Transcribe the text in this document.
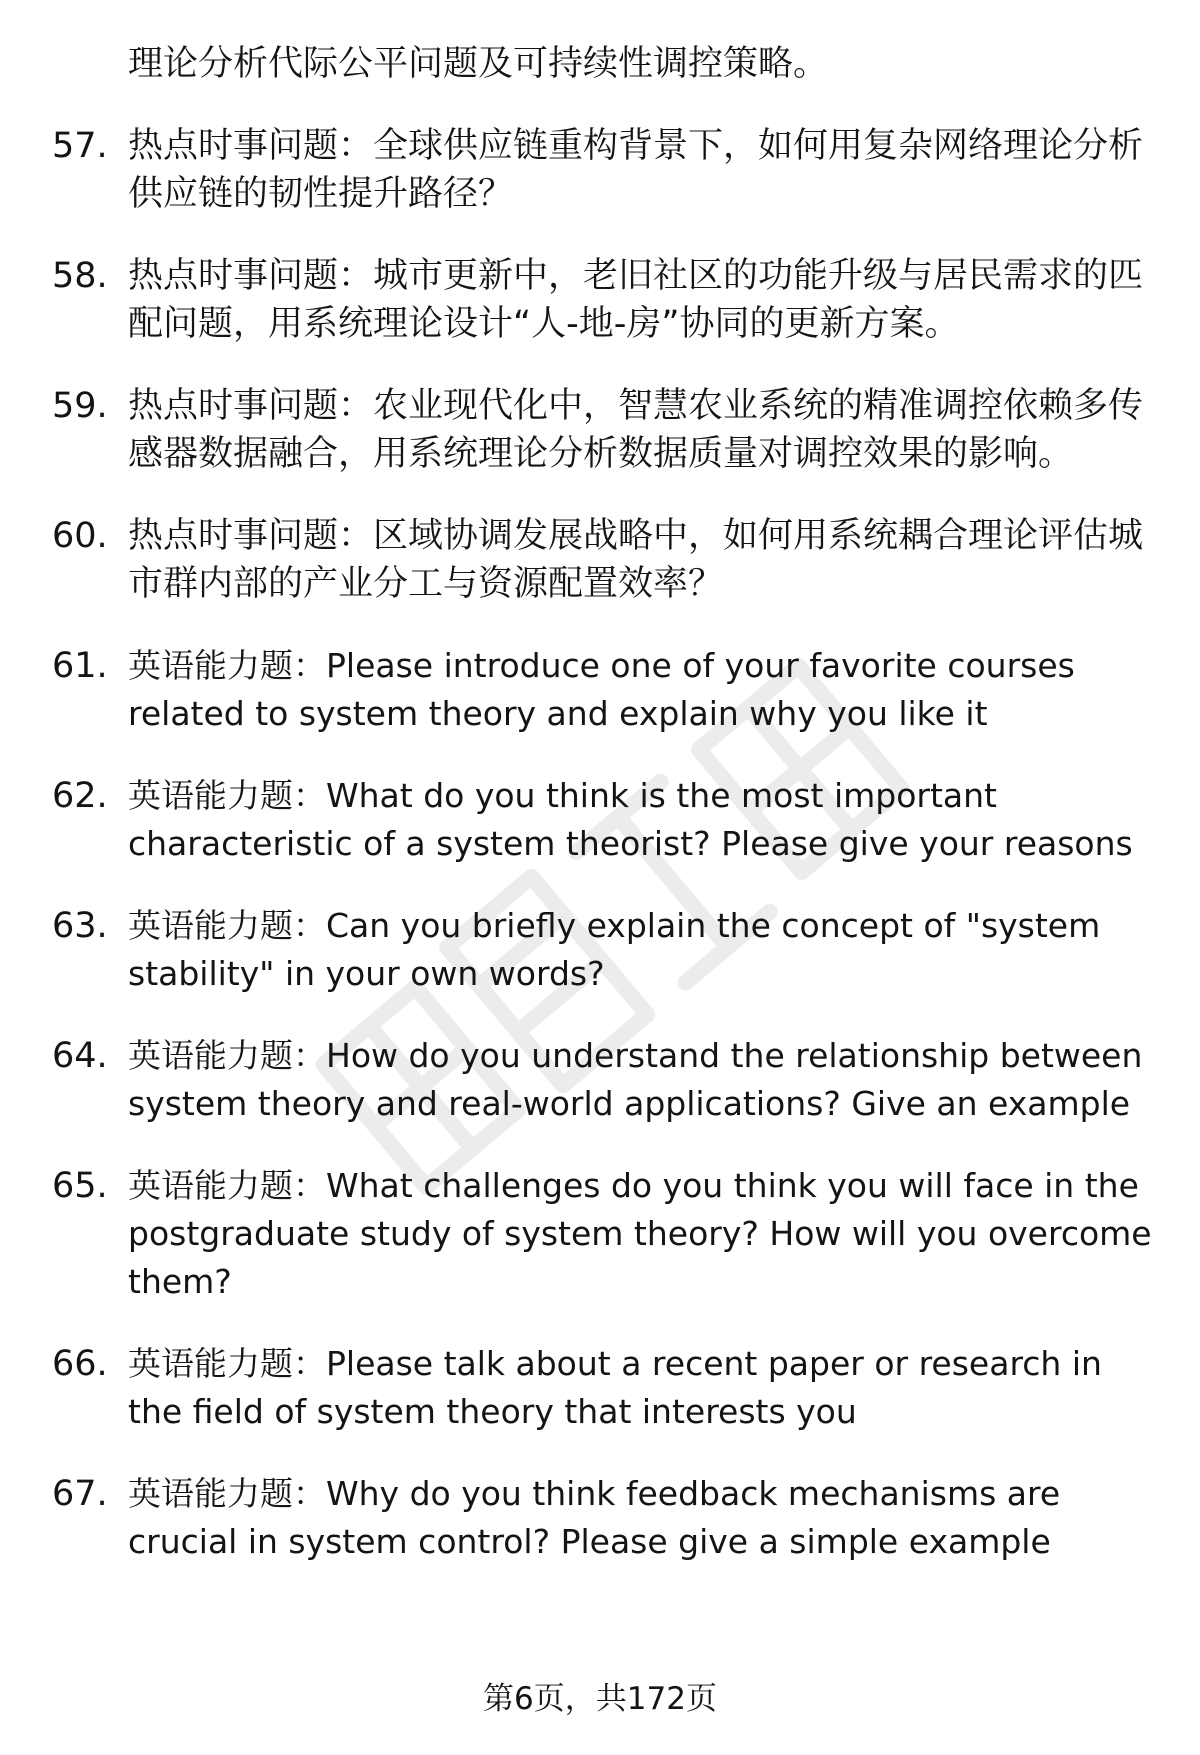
理论分析代际公平问题及可持续性调控策略。
57. 热点时事问题：全球供应链重构背景下，如何用复杂网络理论分析供应链的韧性提升路径？
58. 热点时事问题：城市更新中，老旧社区的功能升级与居民需求的匹配问题，用系统理论设计“人-地-房”协同的更新方案。
59. 热点时事问题：农业现代化中，智慧农业系统的精准调控依赖多传感器数据融合，用系统理论分析数据质量对调控效果的影响。
60. 热点时事问题：区域协调发展战略中，如何用系统耦合理论评估城市群内部的产业分工与资源配置效率？
61. 英语能力题：Please introduce one of your favorite courses related to system theory and explain why you like it
62. 英语能力题：What do you think is the most important characteristic of a system theorist? Please give your reasons
63. 英语能力题：Can you briefly explain the concept of "system stability" in your own words?
64. 英语能力题：How do you understand the relationship between system theory and real-world applications? Give an example
65. 英语能力题：What challenges do you think you will face in the postgraduate study of system theory? How will you overcome them?
66. 英语能力题：Please talk about a recent paper or research in the field of system theory that interests you
67. 英语能力题：Why do you think feedback mechanisms are crucial in system control? Please give a simple example
第6页，共172页
